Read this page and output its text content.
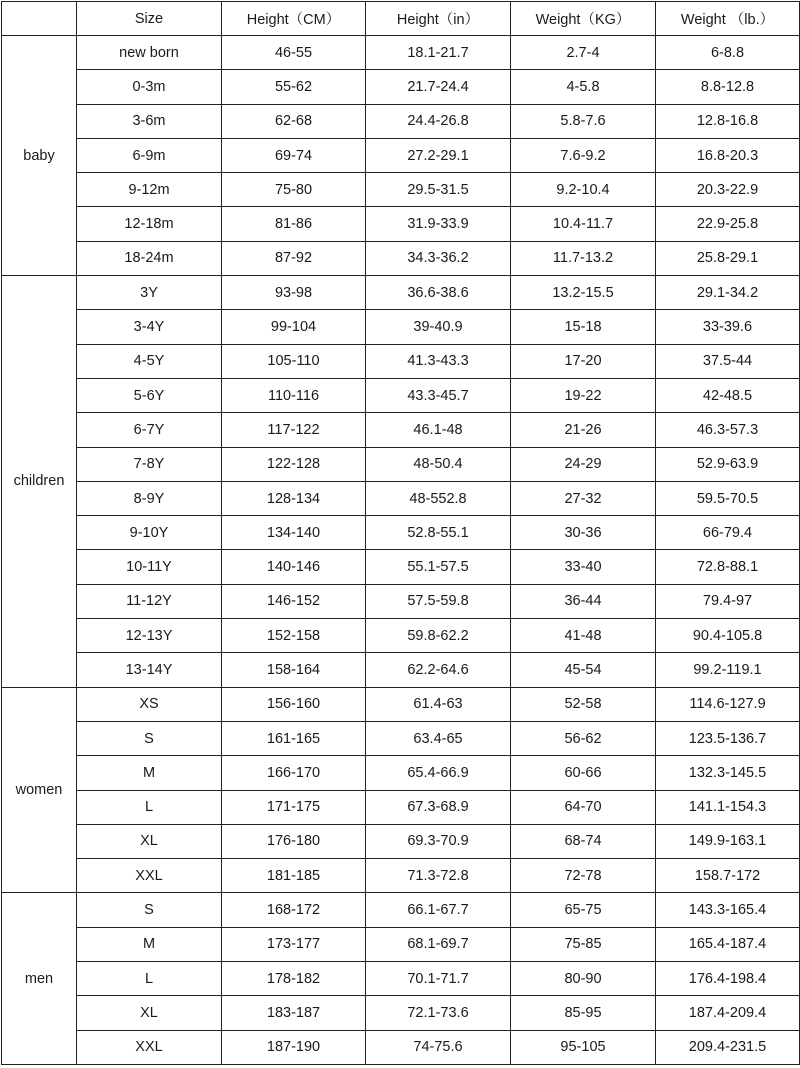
	Size	Height（CM）	Height（in）	Weight（KG）	Weight （lb.）
baby	new born	46-55	18.1-21.7	2.7-4	6-8.8
	0-3m	55-62	21.7-24.4	4-5.8	8.8-12.8
	3-6m	62-68	24.4-26.8	5.8-7.6	12.8-16.8
	6-9m	69-74	27.2-29.1	7.6-9.2	16.8-20.3
	9-12m	75-80	29.5-31.5	9.2-10.4	20.3-22.9
	12-18m	81-86	31.9-33.9	10.4-11.7	22.9-25.8
	18-24m	87-92	34.3-36.2	11.7-13.2	25.8-29.1
children	3Y	93-98	36.6-38.6	13.2-15.5	29.1-34.2
	3-4Y	99-104	39-40.9	15-18	33-39.6
	4-5Y	105-110	41.3-43.3	17-20	37.5-44
	5-6Y	110-116	43.3-45.7	19-22	42-48.5
	6-7Y	117-122	46.1-48	21-26	46.3-57.3
	7-8Y	122-128	48-50.4	24-29	52.9-63.9
	8-9Y	128-134	48-552.8	27-32	59.5-70.5
	9-10Y	134-140	52.8-55.1	30-36	66-79.4
	10-11Y	140-146	55.1-57.5	33-40	72.8-88.1
	11-12Y	146-152	57.5-59.8	36-44	79.4-97
	12-13Y	152-158	59.8-62.2	41-48	90.4-105.8
	13-14Y	158-164	62.2-64.6	45-54	99.2-119.1
women	XS	156-160	61.4-63	52-58	114.6-127.9
	S	161-165	63.4-65	56-62	123.5-136.7
	M	166-170	65.4-66.9	60-66	132.3-145.5
	L	171-175	67.3-68.9	64-70	141.1-154.3
	XL	176-180	69.3-70.9	68-74	149.9-163.1
	XXL	181-185	71.3-72.8	72-78	158.7-172
men	S	168-172	66.1-67.7	65-75	143.3-165.4
	M	173-177	68.1-69.7	75-85	165.4-187.4
	L	178-182	70.1-71.7	80-90	176.4-198.4
	XL	183-187	72.1-73.6	85-95	187.4-209.4
	XXL	187-190	74-75.6	95-105	209.4-231.5
